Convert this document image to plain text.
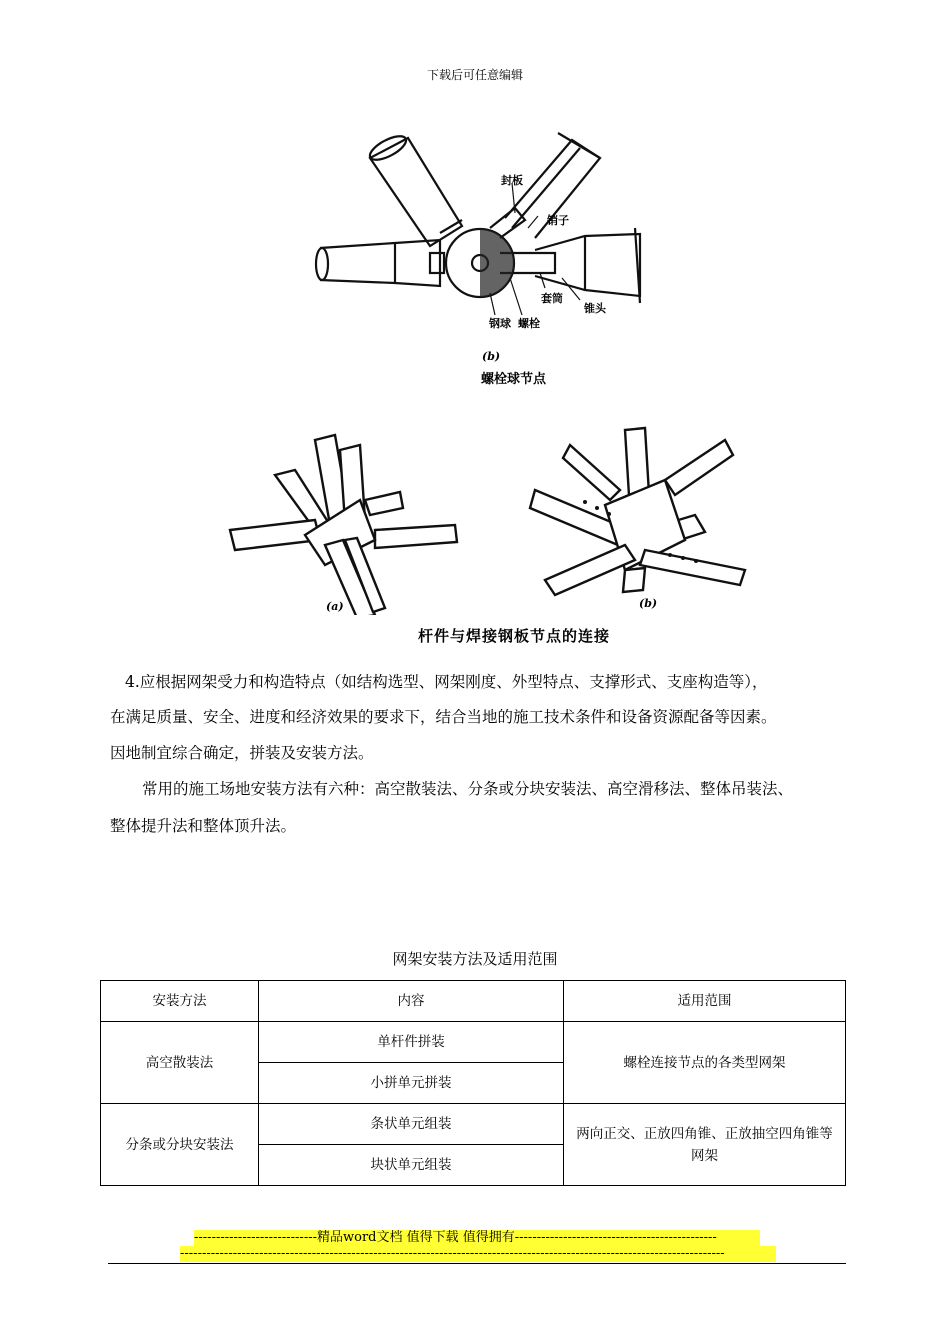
下载后可任意编辑
封板
销子
套筒
锥头
钢球 螺栓
(b)
螺栓球节点
(a)	(b)
杆件与焊接钢板节点的连接
4.应根据网架受力和构造特点（如结构选型、网架刚度、外型特点、支撑形式、支座构造等），
在满足质量、安全、进度和经济效果的要求下，结合当地的施工技术条件和设备资源配备等因素。
因地制宜综合确定，拼装及安装方法。
常用的施工场地安装方法有六种：高空散装法、分条或分块安装法、高空滑移法、整体吊装法、
整体提升法和整体顶升法。
网架安装方法及适用范围
安装方法	内容	适用范围
高空散装法	单杆件拼装	螺栓连接节点的各类型网架
	小拼单元拼装	
分条或分块安装法	条状单元组装	两向正交、正放四角锥、正放抽空四角锥等网架
	块状单元组装	
----------------------------精品word文档 值得下载 值得拥有----------------------------------------------
----------------------------------------------------------------------------------------------------------------------------
